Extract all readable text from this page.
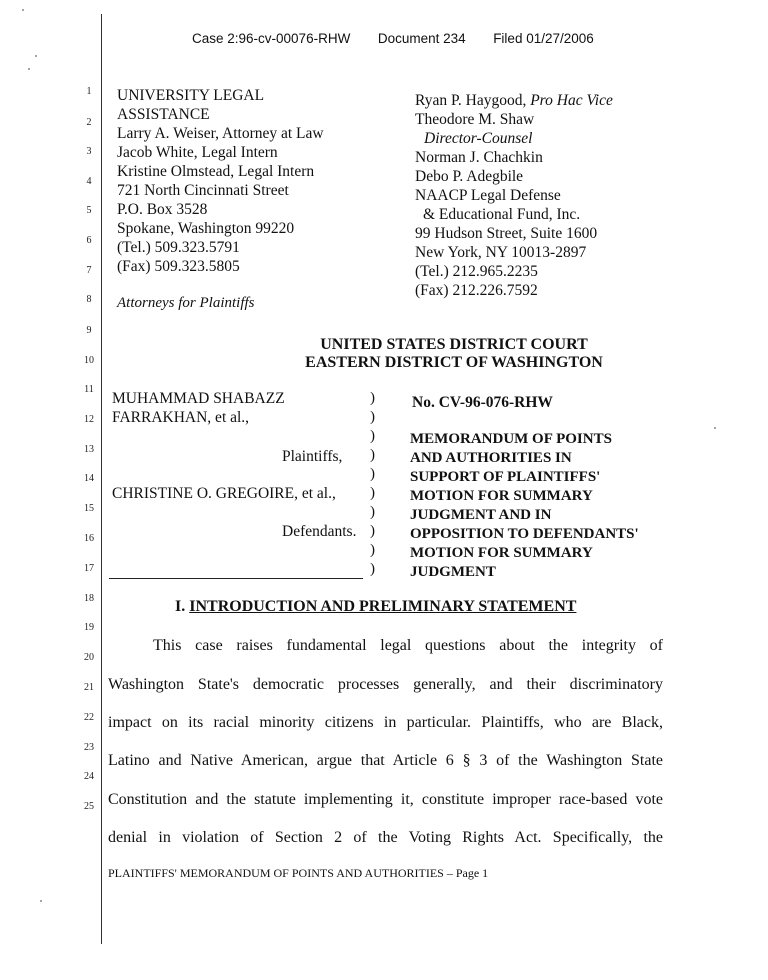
Case 2:96-cv-00076-RHW Document 234 Filed 01/27/2006
1
2
3
4
5
6
7
8
9
10
11
12
13
14
15
16
17
18
19
20
21
22
23
24
25
UNIVERSITY LEGAL
ASSISTANCE
Larry A. Weiser, Attorney at Law
Jacob White, Legal Intern
Kristine Olmstead, Legal Intern
721 North Cincinnati Street
P.O. Box 3528
Spokane, Washington 99220
(Tel.) 509.323.5791
(Fax) 509.323.5805
Attorneys for Plaintiffs
Ryan P. Haygood, Pro Hac Vice
Theodore M. Shaw
Director-Counsel
Norman J. Chachkin
Debo P. Adegbile
NAACP Legal Defense
& Educational Fund, Inc.
99 Hudson Street, Suite 1600
New York, NY 10013-2897
(Tel.) 212.965.2235
(Fax) 212.226.7592
UNITED STATES DISTRICT COURT
EASTERN DISTRICT OF WASHINGTON
MUHAMMAD SHABAZZ
FARRAKHAN, et al.,
Plaintiffs,
CHRISTINE O. GREGOIRE, et al.,
Defendants.
)
)
)
)
)
)
)
)
)
)
No. CV-96-076-RHW
MEMORANDUM OF POINTS
AND AUTHORITIES IN
SUPPORT OF PLAINTIFFS'
MOTION FOR SUMMARY
JUDGMENT AND IN
OPPOSITION TO DEFENDANTS'
MOTION FOR SUMMARY
JUDGMENT
I. INTRODUCTION AND PRELIMINARY STATEMENT
This case raises fundamental legal questions about the integrity of
Washington State's democratic processes generally, and their discriminatory
impact on its racial minority citizens in particular. Plaintiffs, who are Black,
Latino and Native American, argue that Article 6 § 3 of the Washington State
Constitution and the statute implementing it, constitute improper race-based vote
denial in violation of Section 2 of the Voting Rights Act. Specifically, the
PLAINTIFFS' MEMORANDUM OF POINTS AND AUTHORITIES – Page 1
